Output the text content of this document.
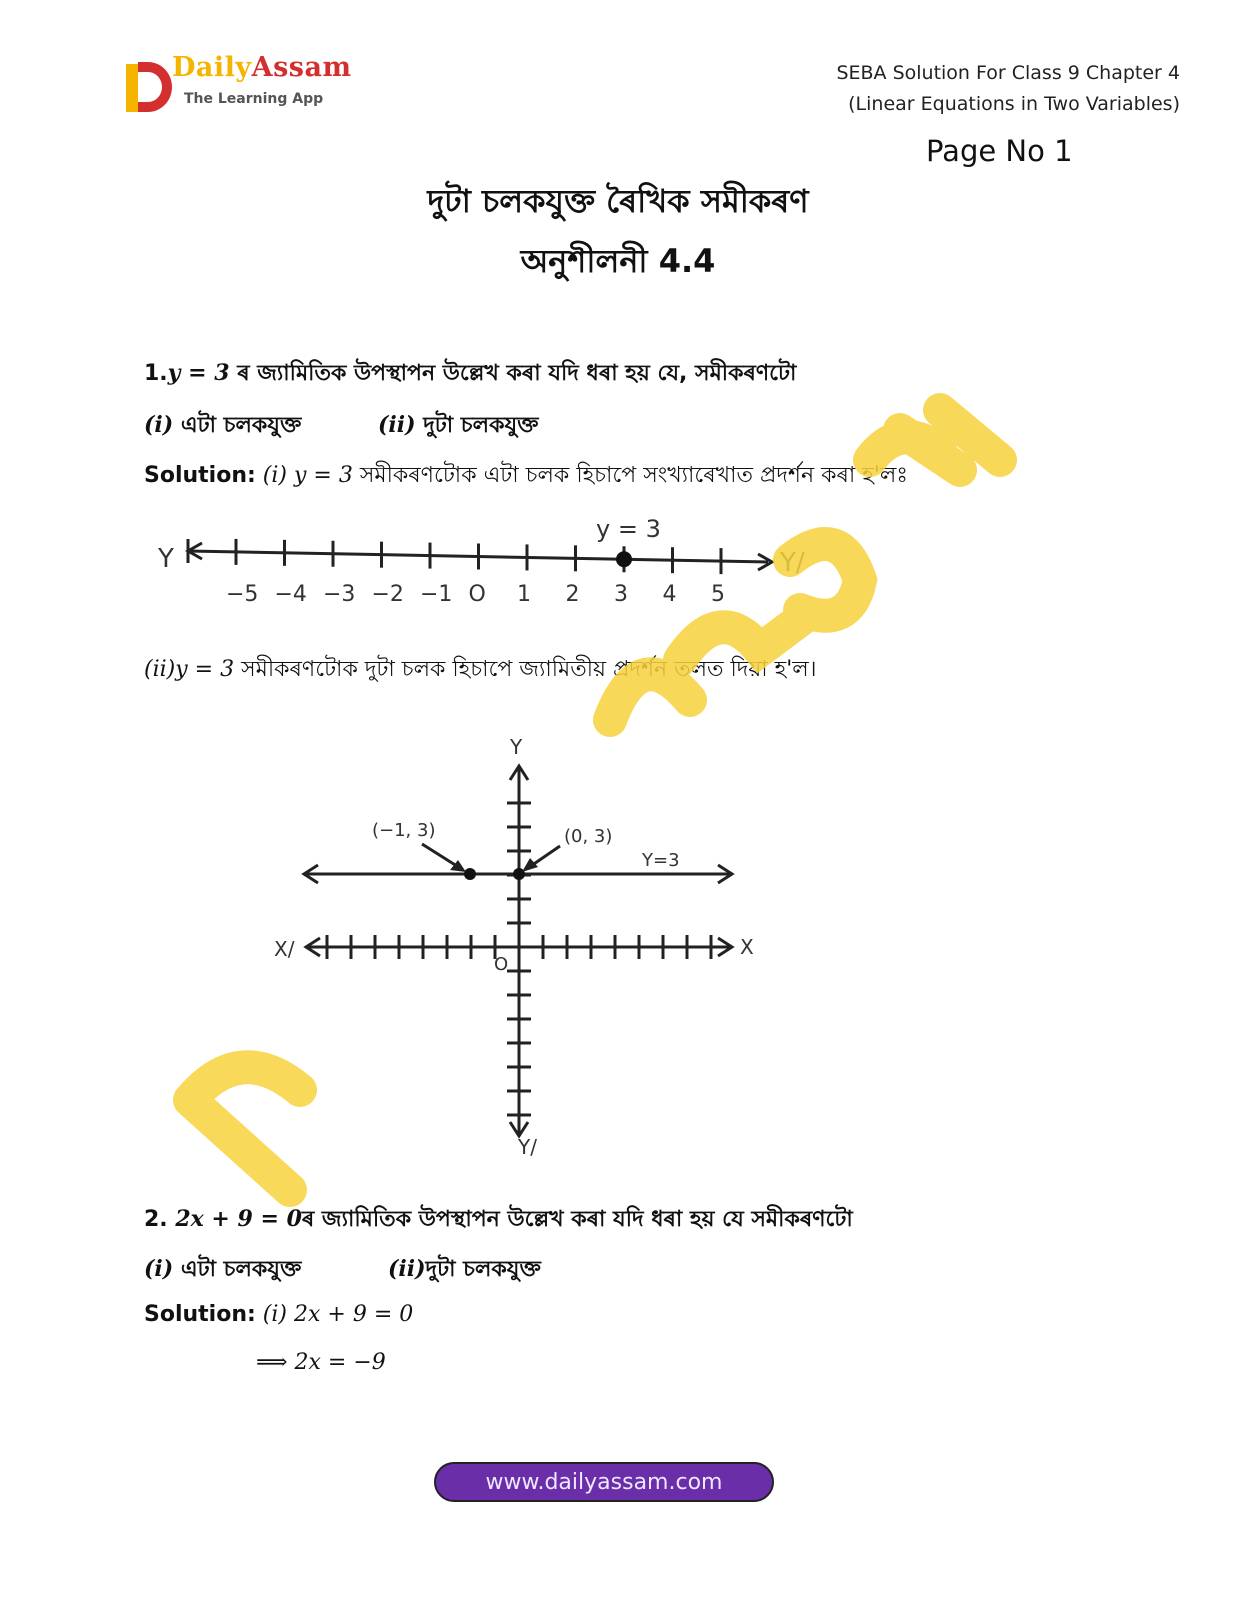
DailyAssam
The Learning App
SEBA Solution For Class 9 Chapter 4
(Linear Equations in Two Variables)
Page No 1
দুটা চলকযুক্ত ৰৈখিক সমীকৰণ
অনুশীলনী 4.4
1.y = 3 ৰ জ্যামিতিক উপস্থাপন উল্লেখ কৰা যদি ধৰা হয় যে, সমীকৰণটো
(i) এটা চলকযুক্ত	(ii) দুটা চলকযুক্ত
Solution: (i) y = 3 সমীকৰণটোক এটা চলক হিচাপে সংখ্যাৰেখাত প্ৰদৰ্শন কৰা হ'লঃ
Y	Y/
y = 3
−5 −4 −3 −2 −1 O 1 2 3 4 5
(ii)y = 3 সমীকৰণটোক দুটা চলক হিচাপে জ্যামিতীয় প্ৰদৰ্শন তলত দিয়া হ'ল।
Y
Y/
X
X/
O
Y=3
(−1, 3)	(0, 3)
2. 2x + 9 = 0ৰ জ্যামিতিক উপস্থাপন উল্লেখ কৰা যদি ধৰা হয় যে সমীকৰণটো
(i) এটা চলকযুক্ত	(ii)দুটা চলকযুক্ত
Solution: (i) 2x + 9 = 0
⟹ 2x = −9
www.dailyassam.com
